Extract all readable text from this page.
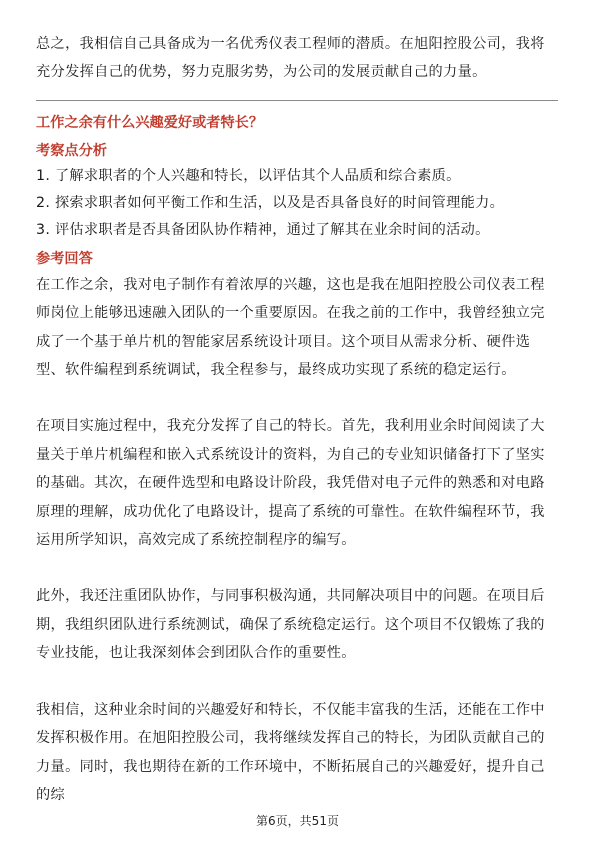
总之，我相信自己具备成为一名优秀仪表工程师的潜质。在旭阳控股公司，我将充分发挥自己的优势，努力克服劣势，为公司的发展贡献自己的力量。

工作之余有什么兴趣爱好或者特长？
考察点分析
1. 了解求职者的个人兴趣和特长，以评估其个人品质和综合素质。
2. 探索求职者如何平衡工作和生活，以及是否具备良好的时间管理能力。
3. 评估求职者是否具备团队协作精神，通过了解其在业余时间的活动。
参考回答

在工作之余，我对电子制作有着浓厚的兴趣，这也是我在旭阳控股公司仪表工程师岗位上能够迅速融入团队的一个重要原因。在我之前的工作中，我曾经独立完成了一个基于单片机的智能家居系统设计项目。这个项目从需求分析、硬件选型、软件编程到系统调试，我全程参与，最终成功实现了系统的稳定运行。

在项目实施过程中，我充分发挥了自己的特长。首先，我利用业余时间阅读了大量关于单片机编程和嵌入式系统设计的资料，为自己的专业知识储备打下了坚实的基础。其次，在硬件选型和电路设计阶段，我凭借对电子元件的熟悉和对电路原理的理解，成功优化了电路设计，提高了系统的可靠性。在软件编程环节，我运用所学知识，高效完成了系统控制程序的编写。

此外，我还注重团队协作，与同事积极沟通，共同解决项目中的问题。在项目后期，我组织团队进行系统测试，确保了系统稳定运行。这个项目不仅锻炼了我的专业技能，也让我深刻体会到团队合作的重要性。

我相信，这种业余时间的兴趣爱好和特长，不仅能丰富我的生活，还能在工作中发挥积极作用。在旭阳控股公司，我将继续发挥自己的特长，为团队贡献自己的力量。同时，我也期待在新的工作环境中，不断拓展自己的兴趣爱好，提升自己的综

第6页，共51页
